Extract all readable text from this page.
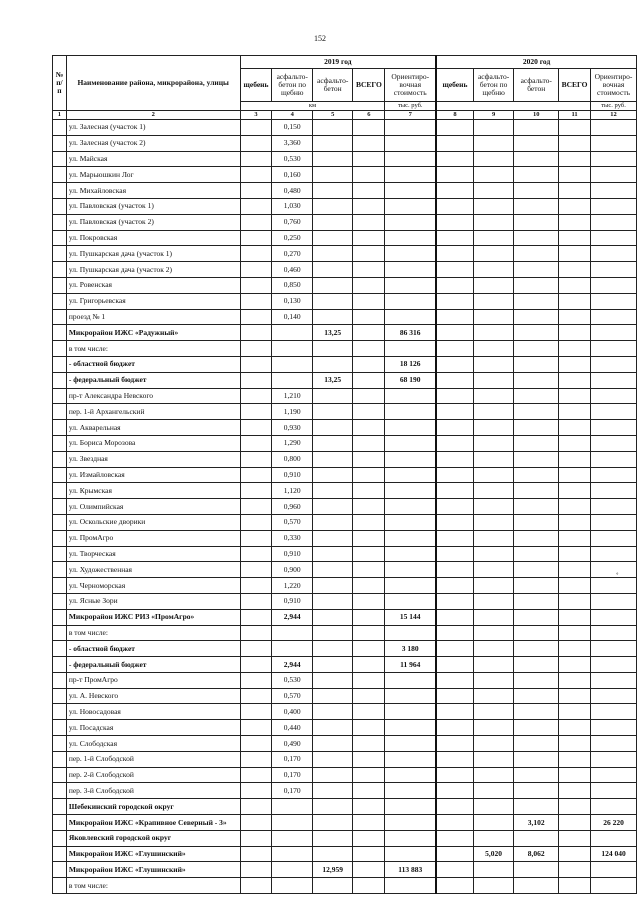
152
№ п/п	Наименование района, микрорайона, улицы	2019 год					2020 год				
		щебень	асфальто-бетон по щебню	асфальто-бетон	ВСЕГО	Ориентиро-вочная стоимость	щебень	асфальто-бетон по щебню	асфальто-бетон	ВСЕГО	Ориентиро-вочная стоимость
		км				тыс. руб.					тыс. руб.
1	2	3	4	5	6	7	8	9	10	11	12
	ул. Залесная (участок 1)		0,150								
	ул. Залесная (участок 2)		3,360								
	ул. Майская		0,530								
	ул. Марьюшкин Лог		0,160								
	ул. Михайловская		0,480								
	ул. Павловская (участок 1)		1,030								
	ул. Павловская (участок 2)		0,760								
	ул. Покровская		0,250								
	ул. Пушкарская дача (участок 1)		0,270								
	ул. Пушкарская дача (участок 2)		0,460								
	ул. Ровенская		0,850								
	ул. Григорьевская		0,130								
	проезд № 1		0,140								
	Микрорайон ИЖС «Радужный»			13,25		86 316					
	в том числе:										
	- областной бюджет					18 126					
	- федеральный бюджет			13,25		68 190					
	пр-т Александра Невского		1,210								
	пер. 1-й Архангельский		1,190								
	ул. Акварельная		0,930								
	ул. Бориса Морозова		1,290								
	ул. Звездная		0,800								
	ул. Измайловская		0,910								
	ул. Крымская		1,120								
	ул. Олимпийская		0,960								
	ул. Оскольские дворики		0,570								
	ул. ПромАгро		0,330								
	ул. Творческая		0,910								
	ул. Художественная		0,900								
	ул. Черноморская		1,220								
	ул. Ясные Зори		0,910								
	Микрорайон ИЖС РИЗ «ПромАгро»		2,944			15 144					
	в том числе:										
	- областной бюджет					3 180					
	- федеральный бюджет		2,944			11 964					
	пр-т ПромАгро		0,530								
	ул. А. Невского		0,570								
	ул. Новосадовая		0,400								
	ул. Посадская		0,440								
	ул. Слободская		0,490								
	пер. 1-й Слободской		0,170								
	пер. 2-й Слободской		0,170								
	пер. 3-й Слободской		0,170								
	Шебекинский городской округ										
	Микрорайон ИЖС «Крапивное Северный - 3»								3,102		26 220
	Яковлевский городской округ										
	Микрорайон ИЖС «Глушинский»							5,020	8,062		124 040
	Микрорайон ИЖС «Глушинский»			12,959		113 883					
	в том числе:										
˚
